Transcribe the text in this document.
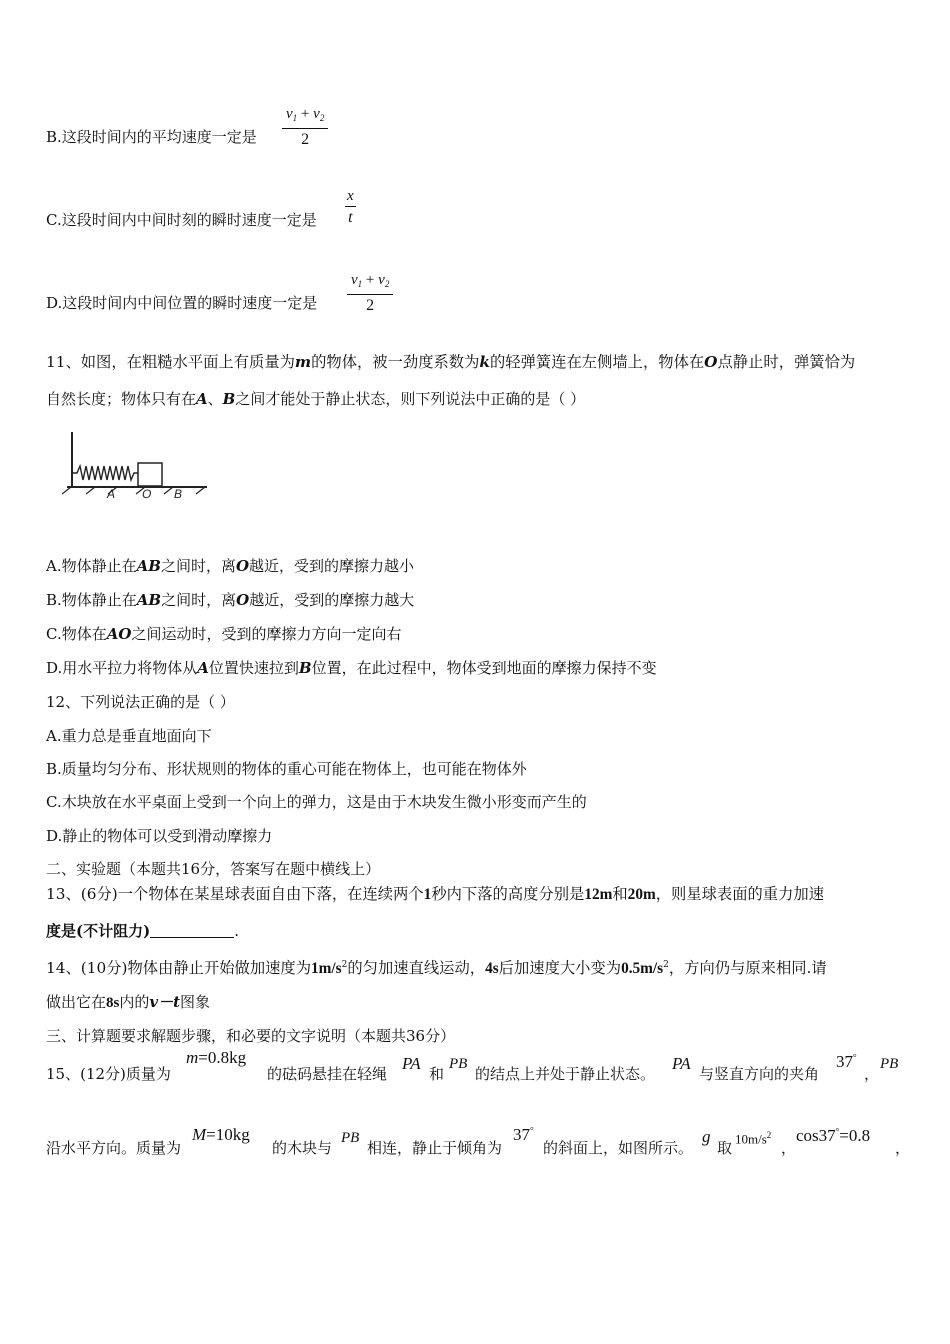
B.这段时间内的平均速度一定是 $\frac{v_1 + v_2}{2}$
C.这段时间内中间时刻的瞬时速度一定是 $\frac{x}{t}$
D.这段时间内中间位置的瞬时速度一定是 $\frac{v_1 + v_2}{2}$
11、如图，在粗糙水平面上有质量为m的物体，被一劲度系数为k的轻弹簧连在左侧墙上，物体在O点静止时，弹簧恰为
自然长度；物体只有在A、B之间才能处于静止状态，则下列说法中正确的是（ ）
A O B
A.物体静止在AB之间时，离O越近，受到的摩擦力越小
B.物体静止在AB之间时，离O越近，受到的摩擦力越大
C.物体在AO之间运动时，受到的摩擦力方向一定向右
D.用水平拉力将物体从A位置快速拉到B位置，在此过程中，物体受到地面的摩擦力保持不变
12、下列说法正确的是（ ）
A.重力总是垂直地面向下
B.质量均匀分布、形状规则的物体的重心可能在物体上，也可能在物体外
C.木块放在水平桌面上受到一个向上的弹力，这是由于木块发生微小形变而产生的
D.静止的物体可以受到滑动摩擦力
二、实验题（本题共16分，答案写在题中横线上）
13、(6分)一个物体在某星球表面自由下落，在连续两个1秒内下落的高度分别是12m和20m，则星球表面的重力加速
度是(不计阻力)	.
14、(10分)物体由静止开始做加速度为$1m/s^2$的匀加速直线运动，4s后加速度大小变为$0.5m/s^2$，方向仍与原来相同.请
做出它在8s内的v－t图象
三、计算题要求解题步骤，和必要的文字说明（本题共36分）
15、(12分)质量为
m=0.8kg
的砝码悬挂在轻绳
PA
和
PB
的结点上并处于静止状态。
PA
与竖直方向的夹角
37°
，
PB
沿水平方向。质量为
M=10kg
的木块与
PB
相连，静止于倾角为
37°
的斜面上，如图所示。
g
取
$10m/s^2$
，
cos37°=0.8
，
